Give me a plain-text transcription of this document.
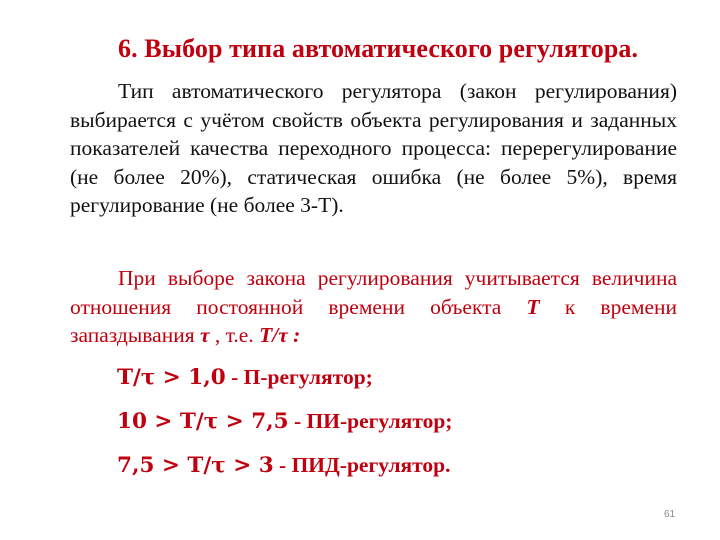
6. Выбор типа автоматического регулятора.
Тип автоматического регулятора (закон регулирования) выбирается с учётом свойств объекта регулирования и заданных показателей качества переходного процесса: перерегулирование (не более 20%), статическая ошибка (не более 5%), время регулирование (не более 3-Т).
При выборе закона регулирования учитывается величина отношения постоянной времени объекта T к времени запаздывания τ , т.е. T/τ :
T/τ > 1,0 - П-регулятор;
10 > T/τ > 7,5 - ПИ-регулятор;
7,5 > T/τ > 3 - ПИД-регулятор.
61
